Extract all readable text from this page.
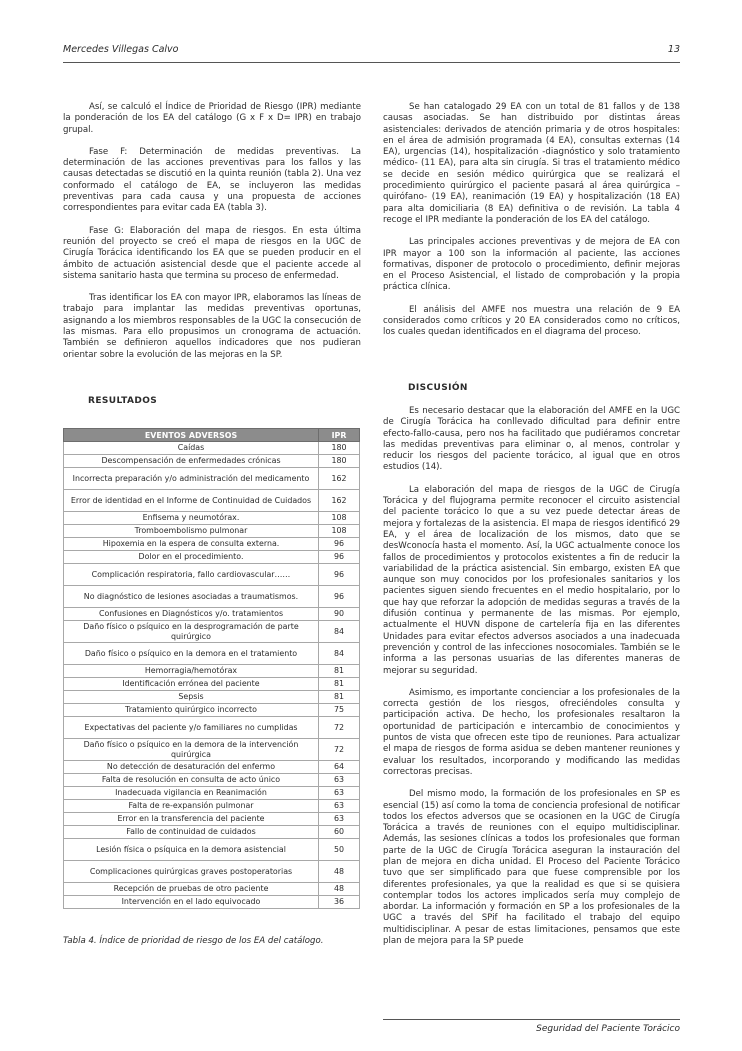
Mercedes Villegas Calvo	13

Así, se calculó el Índice de Prioridad de Riesgo (IPR) mediante la ponderación de los EA del catálogo (G x F x D= IPR) en trabajo grupal.

Fase F: Determinación de medidas preventivas. La determinación de las acciones preventivas para los fallos y las causas detectadas se discutió en la quinta reunión (tabla 2). Una vez conformado el catálogo de EA, se incluyeron las medidas preventivas para cada causa y una propuesta de acciones correspondientes para evitar cada EA (tabla 3).

Fase G: Elaboración del mapa de riesgos. En esta última reunión del proyecto se creó el mapa de riesgos en la UGC de Cirugía Torácica identificando los EA que se pueden producir en el ámbito de actuación asistencial desde que el paciente accede al sistema sanitario hasta que termina su proceso de enfermedad.

Tras identificar los EA con mayor IPR, elaboramos las líneas de trabajo para implantar las medidas preventivas oportunas, asignando a los miembros responsables de la UGC la consecución de las mismas. Para ello propusimos un cronograma de actuación. También se definieron aquellos indicadores que nos pudieran orientar sobre la evolución de las mejoras en la SP.

RESULTADOS
EVENTOS ADVERSOS	IPR
Caídas	180
Descompensación de enfermedades crónicas	180
Incorrecta preparación y/o administración del medicamento	162
Error de identidad en el Informe de Continuidad de Cuidados	162
Enfisema y neumotórax.	108
Tromboembolismo pulmonar	108
Hipoxemia en la espera de consulta externa.	96
Dolor en el procedimiento.	96
Complicación respiratoria, fallo cardiovascular……	96
No diagnóstico de lesiones asociadas a traumatismos.	96
Confusiones en Diagnósticos y/o. tratamientos	90
Daño físico o psíquico en la desprogramación de parte quirúrgico	84
Daño físico o psíquico en la demora en el tratamiento	84
Hemorragia/hemotórax	81
Identificación errónea del paciente	81
Sepsis	81
Tratamiento quirúrgico incorrecto	75
Expectativas del paciente y/o familiares no cumplidas	72
Daño físico o psíquico en la demora de la intervención quirúrgica	72
No detección de desaturación del enfermo	64
Falta de resolución en consulta de acto único	63
Inadecuada vigilancia en Reanimación	63
Falta de re-expansión pulmonar	63
Error en la transferencia del paciente	63
Fallo de continuidad de cuidados	60
Lesión física o psíquica en la demora asistencial	50
Complicaciones quirúrgicas graves postoperatorias	48
Recepción de pruebas de otro paciente	48
Intervención en el lado equivocado	36
Tabla 4. Índice de prioridad de riesgo de los EA del catálogo.

Se han catalogado 29 EA con un total de 81 fallos y de 138 causas asociadas. Se han distribuido por distintas áreas asistenciales: derivados de atención primaria y de otros hospitales: en el área de admisión programada (4 EA), consultas externas (14 EA), urgencias (14), hospitalización -diagnóstico y solo tratamiento médico- (11 EA), para alta sin cirugía. Si tras el tratamiento médico se decide en sesión médico quirúrgica que se realizará el procedimiento quirúrgico el paciente pasará al área quirúrgica –quirófano- (19 EA), reanimación (19 EA) y hospitalización (18 EA) para alta domiciliaria (8 EA) definitiva o de revisión. La tabla 4 recoge el IPR mediante la ponderación de los EA del catálogo.

Las principales acciones preventivas y de mejora de EA con IPR mayor a 100 son la información al paciente, las acciones formativas, disponer de protocolo o procedimiento, definir mejoras en el Proceso Asistencial, el listado de comprobación y la propia práctica clínica.

El análisis del AMFE nos muestra una relación de 9 EA considerados como críticos y 20 EA considerados como no críticos, los cuales quedan identificados en el diagrama del proceso.

DISCUSIÓN

Es necesario destacar que la elaboración del AMFE en la UGC de Cirugía Torácica ha conllevado dificultad para definir entre efecto-fallo-causa, pero nos ha facilitado que pudiéramos concretar las medidas preventivas para eliminar o, al menos, controlar y reducir los riesgos del paciente torácico, al igual que en otros estudios (14).

La elaboración del mapa de riesgos de la UGC de Cirugía Torácica y del flujograma permite reconocer el circuito asistencial del paciente torácico lo que a su vez puede detectar áreas de mejora y fortalezas de la asistencia. El mapa de riesgos identificó 29 EA, y el área de localización de los mismos, dato que se desWconocía hasta el momento. Así, la UGC actualmente conoce los fallos de procedimientos y protocolos existentes a fin de reducir la variabilidad de la práctica asistencial. Sin embargo, existen EA que aunque son muy conocidos por los profesionales sanitarios y los pacientes siguen siendo frecuentes en el medio hospitalario, por lo que hay que reforzar la adopción de medidas seguras a través de la difusión continua y permanente de las mismas. Por ejemplo, actualmente el HUVN dispone de cartelería fija en las diferentes Unidades para evitar efectos adversos asociados a una inadecuada prevención y control de las infecciones nosocomiales. También se le informa a las personas usuarias de las diferentes maneras de mejorar su seguridad.

Asimismo, es importante concienciar a los profesionales de la correcta gestión de los riesgos, ofreciéndoles consulta y participación activa. De hecho, los profesionales resaltaron la oportunidad de participación e intercambio de conocimientos y puntos de vista que ofrecen este tipo de reuniones. Para actualizar el mapa de riesgos de forma asidua se deben mantener reuniones y evaluar los resultados, incorporando y modificando las medidas correctoras precisas.

Del mismo modo, la formación de los profesionales en SP es esencial (15) así como la toma de conciencia profesional de notificar todos los efectos adversos que se ocasionen en la UGC de Cirugía Torácica a través de reuniones con el equipo multidisciplinar. Además, las sesiones clínicas a todos los profesionales que forman parte de la UGC de Cirugía Torácica aseguran la instauración del plan de mejora en dicha unidad. El Proceso del Paciente Torácico tuvo que ser simplificado para que fuese comprensible por los diferentes profesionales, ya que la realidad es que si se quisiera contemplar todos los actores implicados sería muy complejo de abordar. La información y formación en SP a los profesionales de la UGC a través del SPif ha facilitado el trabajo del equipo multidisciplinar. A pesar de estas limitaciones, pensamos que este plan de mejora para la SP puede

Seguridad del Paciente Torácico
